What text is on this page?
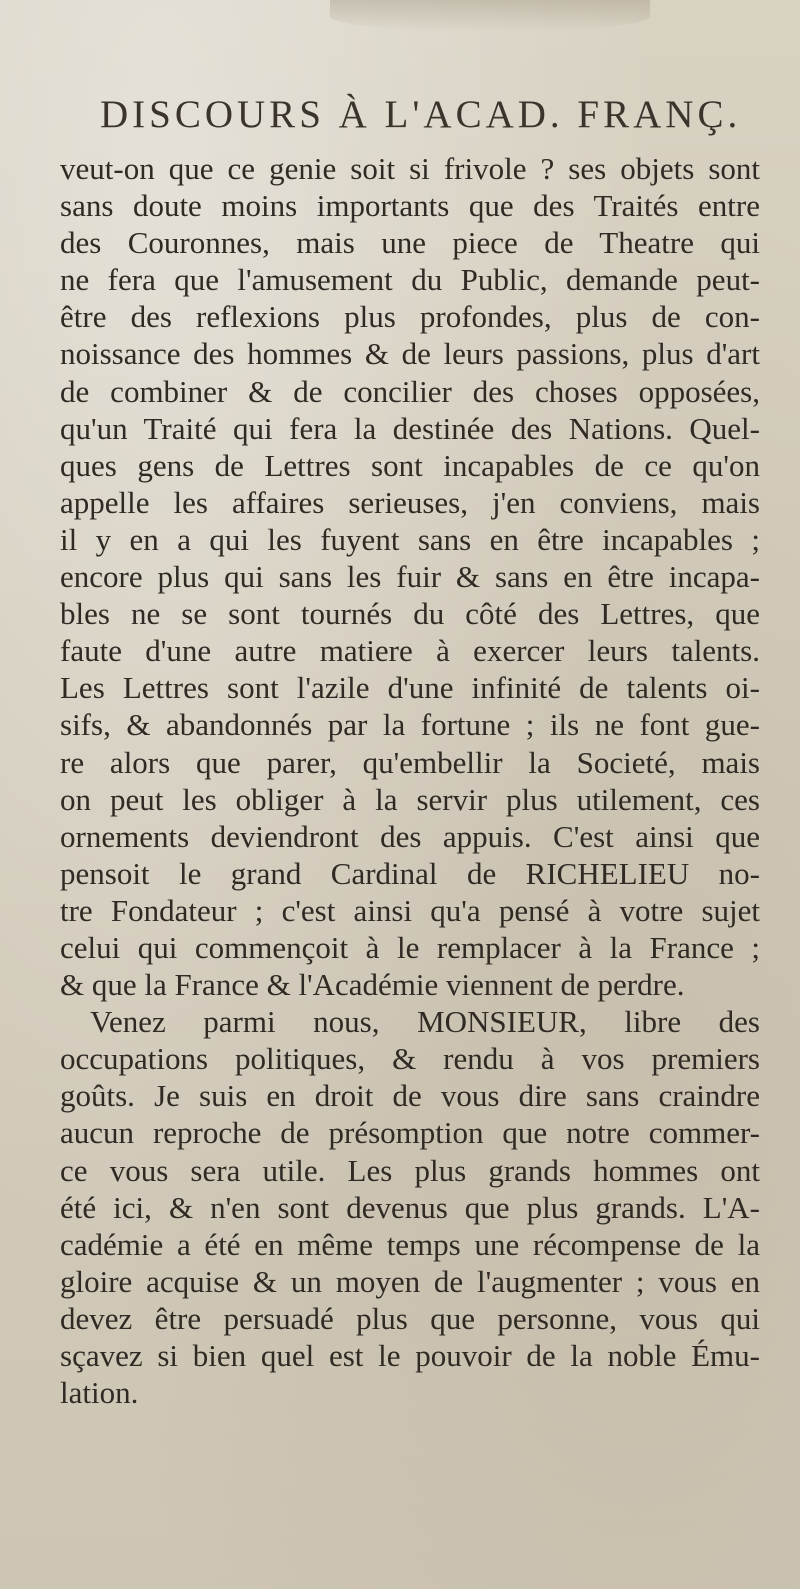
DISCOURS À L'ACAD. FRANÇ.
veut-on que ce genie soit si frivole ? ses objets sont
sans doute moins importants que des Traités entre
des Couronnes, mais une piece de Theatre qui
ne fera que l'amusement du Public, demande peut-
être des reflexions plus profondes, plus de con-
noissance des hommes & de leurs passions, plus d'art
de combiner & de concilier des choses opposées,
qu'un Traité qui fera la destinée des Nations. Quel-
ques gens de Lettres sont incapables de ce qu'on
appelle les affaires serieuses, j'en conviens, mais
il y en a qui les fuyent sans en être incapables ;
encore plus qui sans les fuir & sans en être incapa-
bles ne se sont tournés du côté des Lettres, que
faute d'une autre matiere à exercer leurs talents.
Les Lettres sont l'azile d'une infinité de talents oi-
sifs, & abandonnés par la fortune ; ils ne font gue-
re alors que parer, qu'embellir la Societé, mais
on peut les obliger à la servir plus utilement, ces
ornements deviendront des appuis. C'est ainsi que
pensoit le grand Cardinal de RICHELIEU no-
tre Fondateur ; c'est ainsi qu'a pensé à votre sujet
celui qui commençoit à le remplacer à la France ;
& que la France & l'Académie viennent de perdre.
Venez parmi nous, MONSIEUR, libre des
occupations politiques, & rendu à vos premiers
goûts. Je suis en droit de vous dire sans craindre
aucun reproche de présomption que notre commer-
ce vous sera utile. Les plus grands hommes ont
été ici, & n'en sont devenus que plus grands. L'A-
cadémie a été en même temps une récompense de la
gloire acquise & un moyen de l'augmenter ; vous en
devez être persuadé plus que personne, vous qui
sçavez si bien quel est le pouvoir de la noble Ému-
lation.
